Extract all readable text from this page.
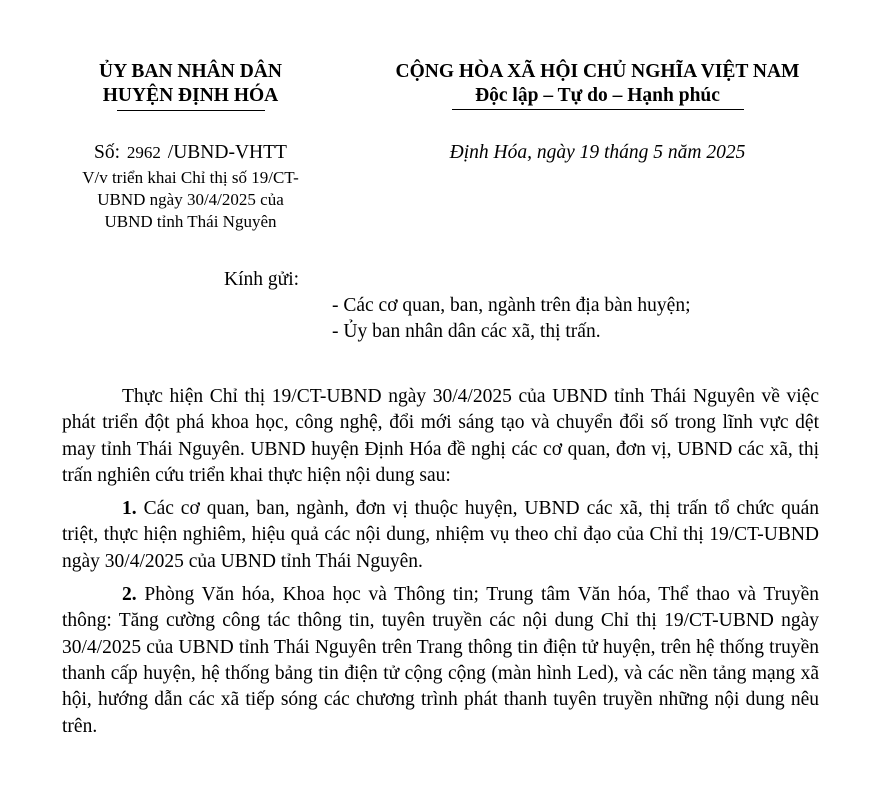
ỦY BAN NHÂN DÂN
HUYỆN ĐỊNH HÓA
CỘNG HÒA XÃ HỘI CHỦ NGHĨA VIỆT NAM
Độc lập – Tự do – Hạnh phúc
Số: 2962 /UBND-VHTT
V/v triển khai Chỉ thị số 19/CT-
UBND ngày 30/4/2025 của
UBND tỉnh Thái Nguyên
Định Hóa, ngày 19 tháng 5 năm 2025
Kính gửi:
- Các cơ quan, ban, ngành trên địa bàn huyện;
- Ủy ban nhân dân các xã, thị trấn.

Thực hiện Chỉ thị 19/CT-UBND ngày 30/4/2025 của UBND tỉnh Thái Nguyên về việc phát triển đột phá khoa học, công nghệ, đổi mới sáng tạo và chuyển đổi số trong lĩnh vực dệt may tỉnh Thái Nguyên. UBND huyện Định Hóa đề nghị các cơ quan, đơn vị, UBND các xã, thị trấn nghiên cứu triển khai thực hiện nội dung sau:

1. Các cơ quan, ban, ngành, đơn vị thuộc huyện, UBND các xã, thị trấn tổ chức quán triệt, thực hiện nghiêm, hiệu quả các nội dung, nhiệm vụ theo chỉ đạo của Chỉ thị 19/CT-UBND ngày 30/4/2025 của UBND tỉnh Thái Nguyên.

2. Phòng Văn hóa, Khoa học và Thông tin; Trung tâm Văn hóa, Thể thao và Truyền thông: Tăng cường công tác thông tin, tuyên truyền các nội dung Chỉ thị 19/CT-UBND ngày 30/4/2025 của UBND tỉnh Thái Nguyên trên Trang thông tin điện tử huyện, trên hệ thống truyền thanh cấp huyện, hệ thống bảng tin điện tử cộng cộng (màn hình Led), và các nền tảng mạng xã hội, hướng dẫn các xã tiếp sóng các chương trình phát thanh tuyên truyền những nội dung nêu trên.
